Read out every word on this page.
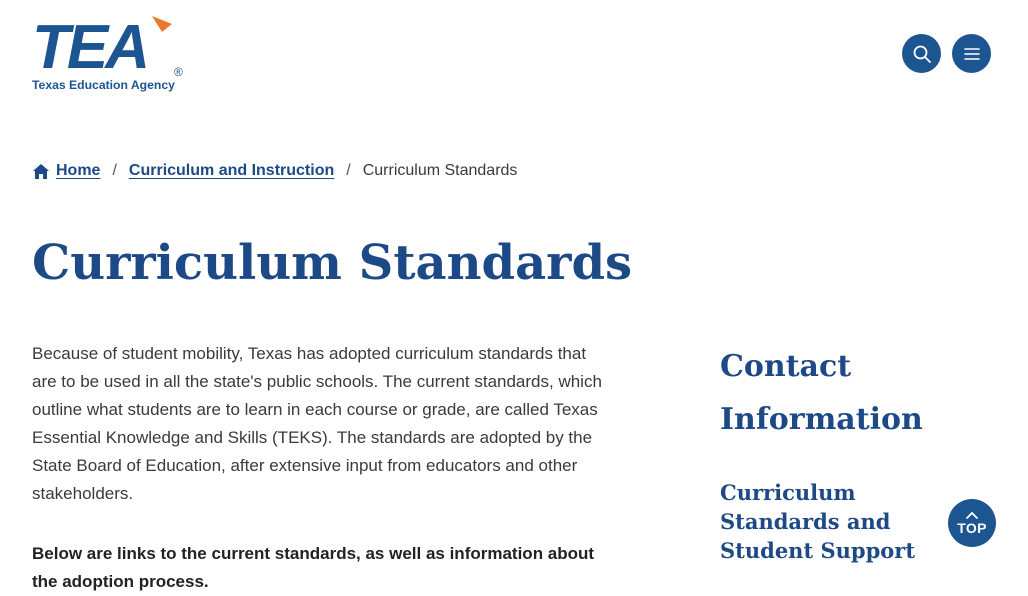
TEA ®
Texas Education Agency
Home / Curriculum and Instruction / Curriculum Standards
Curriculum Standards

Because of student mobility, Texas has adopted curriculum standards that are to be used in all the state's public schools. The current standards, which outline what students are to learn in each course or grade, are called Texas Essential Knowledge and Skills (TEKS). The standards are adopted by the State Board of Education, after extensive input from educators and other stakeholders.

Below are links to the current standards, as well as information about the adoption process.

Contact Information
Curriculum Standards and Student Support
TOP
